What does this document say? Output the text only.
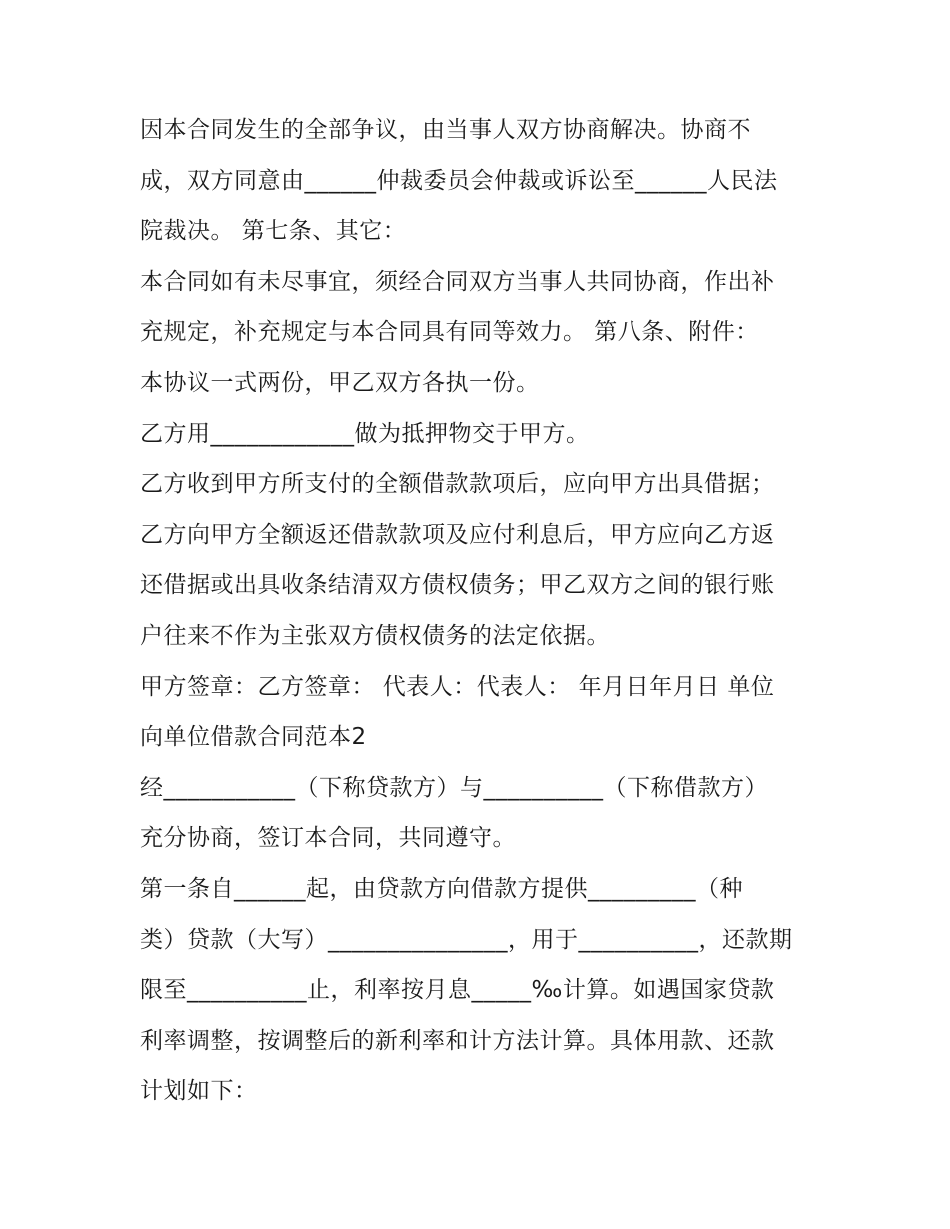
因本合同发生的全部争议，由当事人双方协商解决。协商不
成，双方同意由______仲裁委员会仲裁或诉讼至______人民法
院裁决。 第七条、其它：
本合同如有未尽事宜，须经合同双方当事人共同协商，作出补
充规定，补充规定与本合同具有同等效力。 第八条、附件：
本协议一式两份，甲乙双方各执一份。
乙方用____________做为抵押物交于甲方。
乙方收到甲方所支付的全额借款款项后，应向甲方出具借据；
乙方向甲方全额返还借款款项及应付利息后，甲方应向乙方返
还借据或出具收条结清双方债权债务；甲乙双方之间的银行账
户往来不作为主张双方债权债务的法定依据。
甲方签章：乙方签章： 代表人：代表人： 年月日年月日 单位
向单位借款合同范本2
经___________（下称贷款方）与__________（下称借款方）
充分协商，签订本合同，共同遵守。
第一条自______起，由贷款方向借款方提供_________（种
类）贷款（大写）_______________，用于__________，还款期
限至__________止，利率按月息_____‰计算。如遇国家贷款
利率调整，按调整后的新利率和计方法计算。具体用款、还款
计划如下：
